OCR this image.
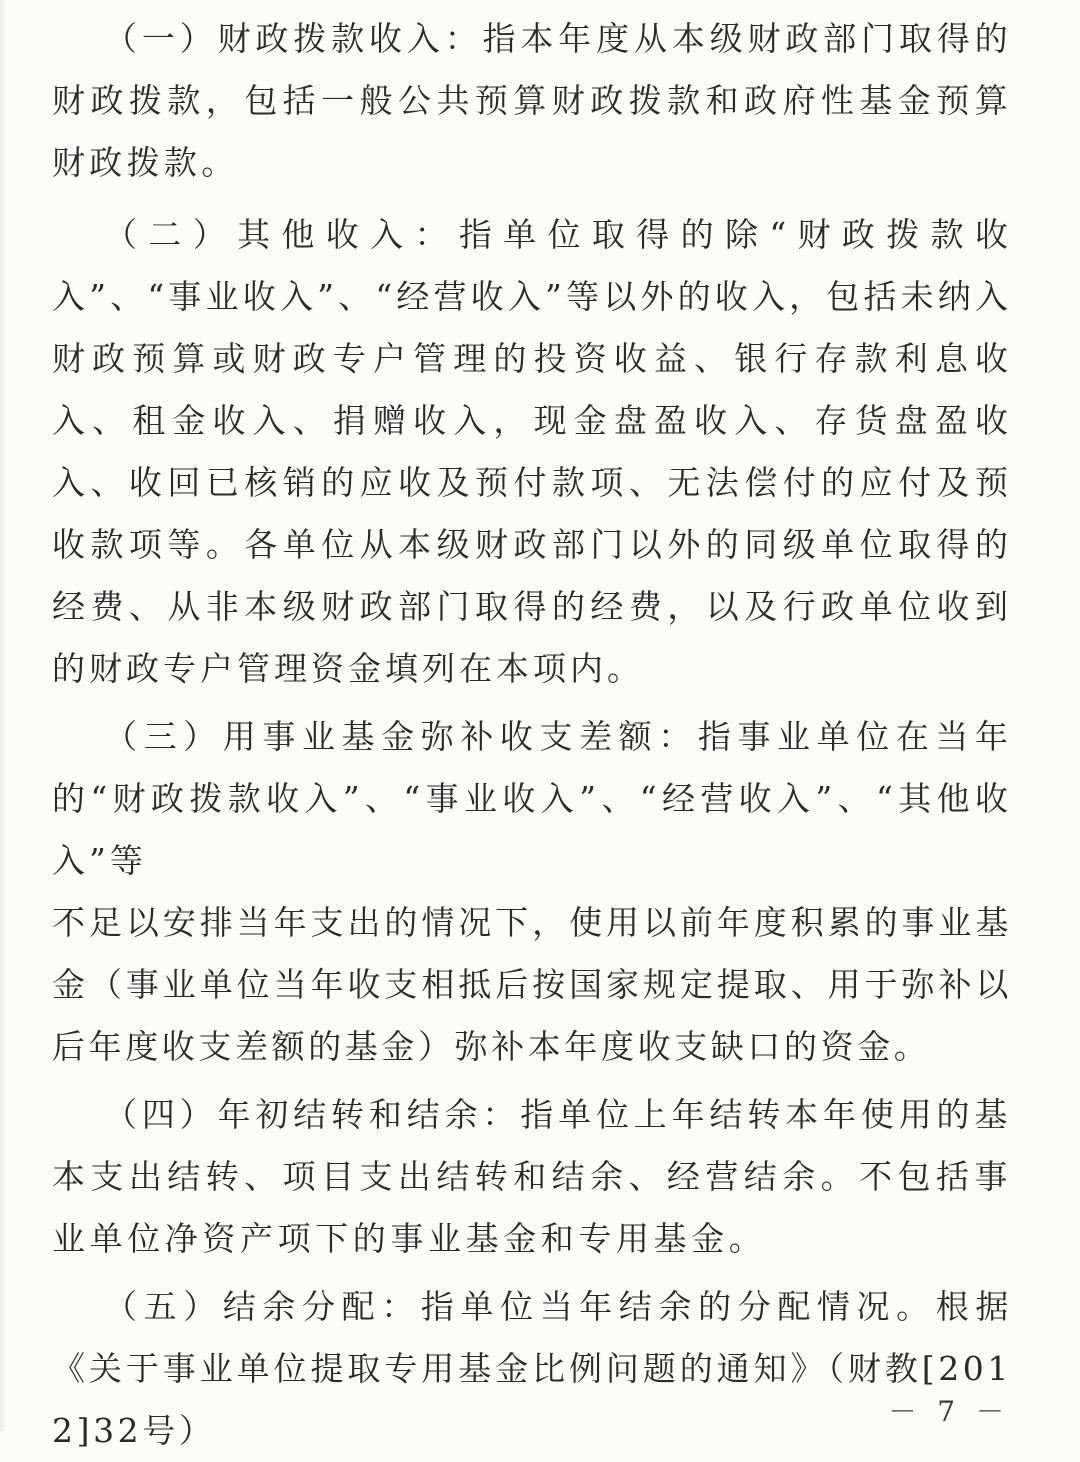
（一）财政拨款收入：指本年度从本级财政部门取得的财政拨款，包括一般公共预算财政拨款和政府性基金预算财政拨款。

（二）其他收入：指单位取得的除“财政拨款收入”、“事业收入”、“经营收入”等以外的收入，包括未纳入财政预算或财政专户管理的投资收益、银行存款利息收入、租金收入、捐赠收入，现金盘盈收入、存货盘盈收入、收回已核销的应收及预付款项、无法偿付的应付及预收款项等。各单位从本级财政部门以外的同级单位取得的经费、从非本级财政部门取得的经费，以及行政单位收到的财政专户管理资金填列在本项内。

（三）用事业基金弥补收支差额：指事业单位在当年的“财政拨款收入”、“事业收入”、“经营收入”、“其他收入”等

不足以安排当年支出的情况下，使用以前年度积累的事业基金（事业单位当年收支相抵后按国家规定提取、用于弥补以后年度收支差额的基金）弥补本年度收支缺口的资金。

（四）年初结转和结余：指单位上年结转本年使用的基本支出结转、项目支出结转和结余、经营结余。不包括事业单位净资产项下的事业基金和专用基金。

（五）结余分配：指单位当年结余的分配情况。根据《关于事业单位提取专用基金比例问题的通知》（财教[2012]32号）	－ 7 －
